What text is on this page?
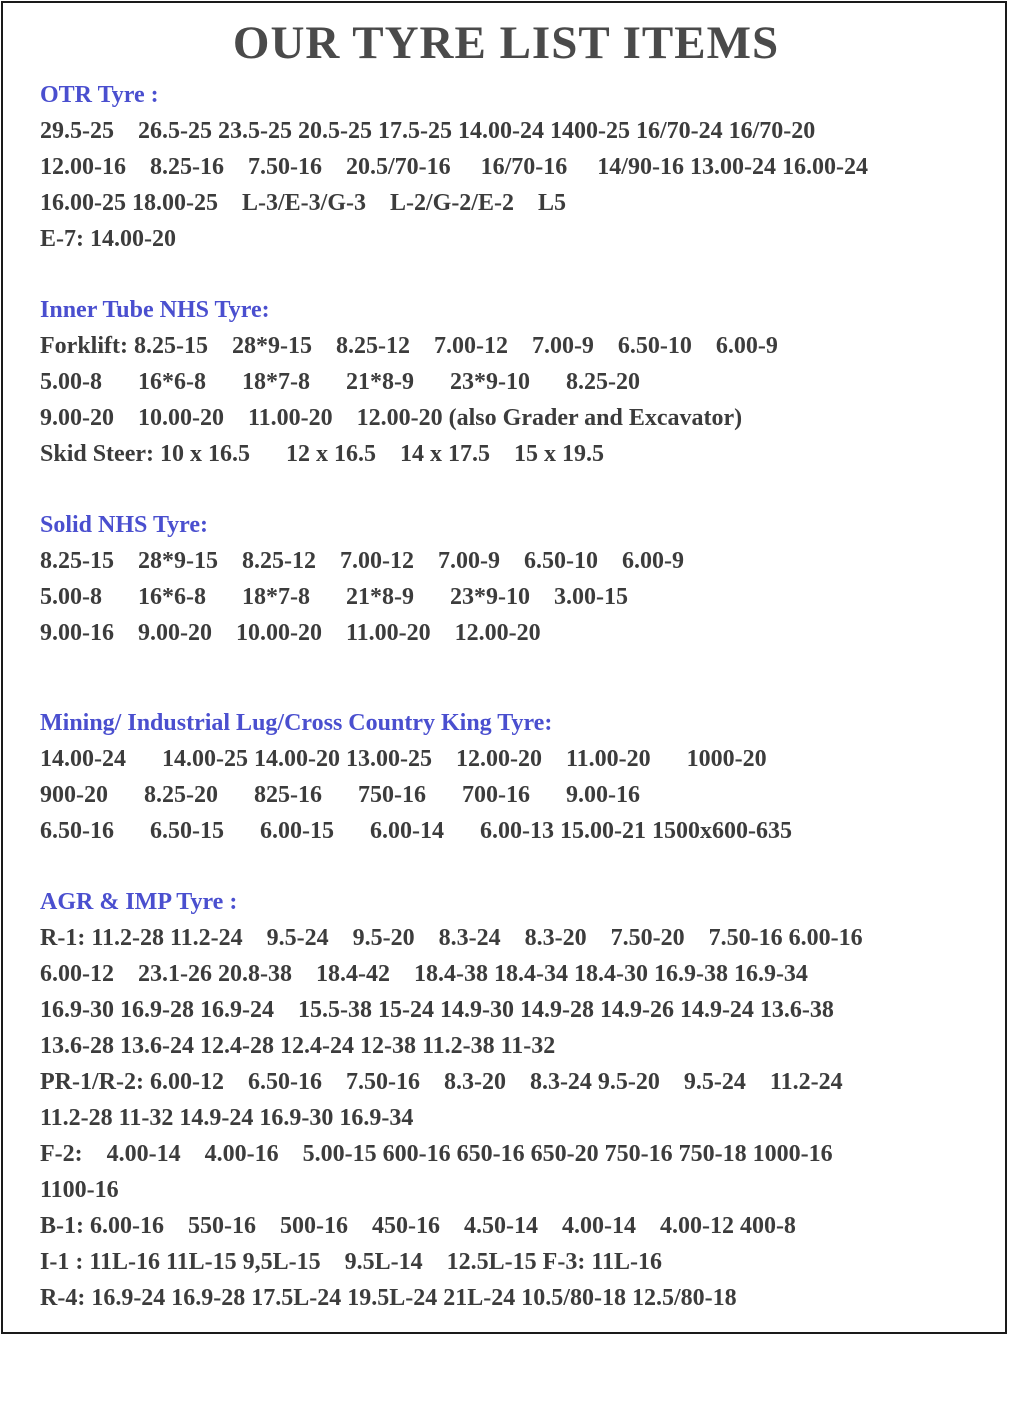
OUR TYRE LIST ITEMS
OTR Tyre :
29.5-25    26.5-25 23.5-25 20.5-25 17.5-25 14.00-24 1400-25 16/70-24 16/70-20
12.00-16    8.25-16    7.50-16    20.5/70-16     16/70-16     14/90-16 13.00-24 16.00-24
16.00-25 18.00-25    L-3/E-3/G-3    L-2/G-2/E-2    L5
E-7: 14.00-20
Inner Tube NHS Tyre:
Forklift: 8.25-15    28*9-15    8.25-12    7.00-12    7.00-9    6.50-10    6.00-9
5.00-8      16*6-8      18*7-8      21*8-9      23*9-10      8.25-20
9.00-20    10.00-20    11.00-20    12.00-20 (also Grader and Excavator)
Skid Steer: 10 x 16.5      12 x 16.5    14 x 17.5    15 x 19.5
Solid NHS Tyre:
8.25-15    28*9-15    8.25-12    7.00-12    7.00-9    6.50-10    6.00-9
5.00-8      16*6-8      18*7-8      21*8-9      23*9-10    3.00-15
9.00-16    9.00-20    10.00-20    11.00-20    12.00-20
Mining/ Industrial Lug/Cross Country King Tyre:
14.00-24      14.00-25 14.00-20 13.00-25    12.00-20    11.00-20      1000-20
900-20      8.25-20      825-16      750-16      700-16      9.00-16
6.50-16      6.50-15      6.00-15      6.00-14      6.00-13 15.00-21 1500x600-635
AGR & IMP Tyre :
R-1: 11.2-28 11.2-24    9.5-24    9.5-20    8.3-24    8.3-20    7.50-20    7.50-16 6.00-16
6.00-12    23.1-26 20.8-38    18.4-42    18.4-38 18.4-34 18.4-30 16.9-38 16.9-34
16.9-30 16.9-28 16.9-24    15.5-38 15-24 14.9-30 14.9-28 14.9-26 14.9-24 13.6-38
13.6-28 13.6-24 12.4-28 12.4-24 12-38 11.2-38 11-32
PR-1/R-2: 6.00-12    6.50-16    7.50-16    8.3-20    8.3-24 9.5-20    9.5-24    11.2-24
11.2-28 11-32 14.9-24 16.9-30 16.9-34
F-2:    4.00-14    4.00-16    5.00-15 600-16 650-16 650-20 750-16 750-18 1000-16
1100-16
B-1: 6.00-16    550-16    500-16    450-16    4.50-14    4.00-14    4.00-12 400-8
I-1 : 11L-16 11L-15 9,5L-15    9.5L-14    12.5L-15 F-3: 11L-16
R-4: 16.9-24 16.9-28 17.5L-24 19.5L-24 21L-24 10.5/80-18 12.5/80-18
